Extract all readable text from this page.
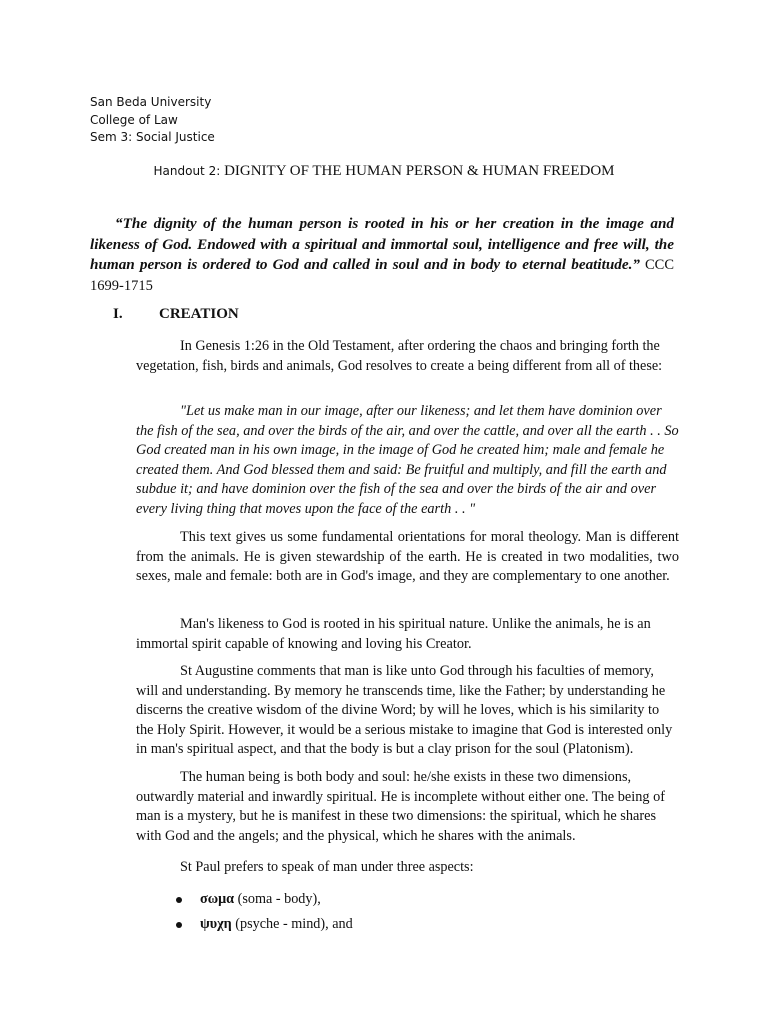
San Beda University
College of Law
Sem 3: Social Justice
Handout 2: DIGNITY OF THE HUMAN PERSON & HUMAN FREEDOM

“The dignity of the human person is rooted in his or her creation in the image and likeness of God. Endowed with a spiritual and immortal soul, intelligence and free will, the human person is ordered to God and called in soul and in body to eternal beatitude.” CCC 1699-1715

I. CREATION

In Genesis 1:26 in the Old Testament, after ordering the chaos and bringing forth the vegetation, fish, birds and animals, God resolves to create a being different from all of these:

"Let us make man in our image, after our likeness; and let them have dominion over the fish of the sea, and over the birds of the air, and over the cattle, and over all the earth . . So God created man in his own image, in the image of God he created him; male and female he created them. And God blessed them and said: Be fruitful and multiply, and fill the earth and subdue it; and have dominion over the fish of the sea and over the birds of the air and over every living thing that moves upon the face of the earth . . "

This text gives us some fundamental orientations for moral theology. Man is different from the animals. He is given stewardship of the earth. He is created in two modalities, two sexes, male and female: both are in God's image, and they are complementary to one another.

Man's likeness to God is rooted in his spiritual nature. Unlike the animals, he is an immortal spirit capable of knowing and loving his Creator.

St Augustine comments that man is like unto God through his faculties of memory, will and understanding. By memory he transcends time, like the Father; by understanding he discerns the creative wisdom of the divine Word; by will he loves, which is his similarity to the Holy Spirit. However, it would be a serious mistake to imagine that God is interested only in man's spiritual aspect, and that the body is but a clay prison for the soul (Platonism).

The human being is both body and soul: he/she exists in these two dimensions, outwardly material and inwardly spiritual. He is incomplete without either one. The being of man is a mystery, but he is manifest in these two dimensions: the spiritual, which he shares with God and the angels; and the physical, which he shares with the animals.

St Paul prefers to speak of man under three aspects:

σωμα (soma - body),
ψυχη (psyche - mind), and
